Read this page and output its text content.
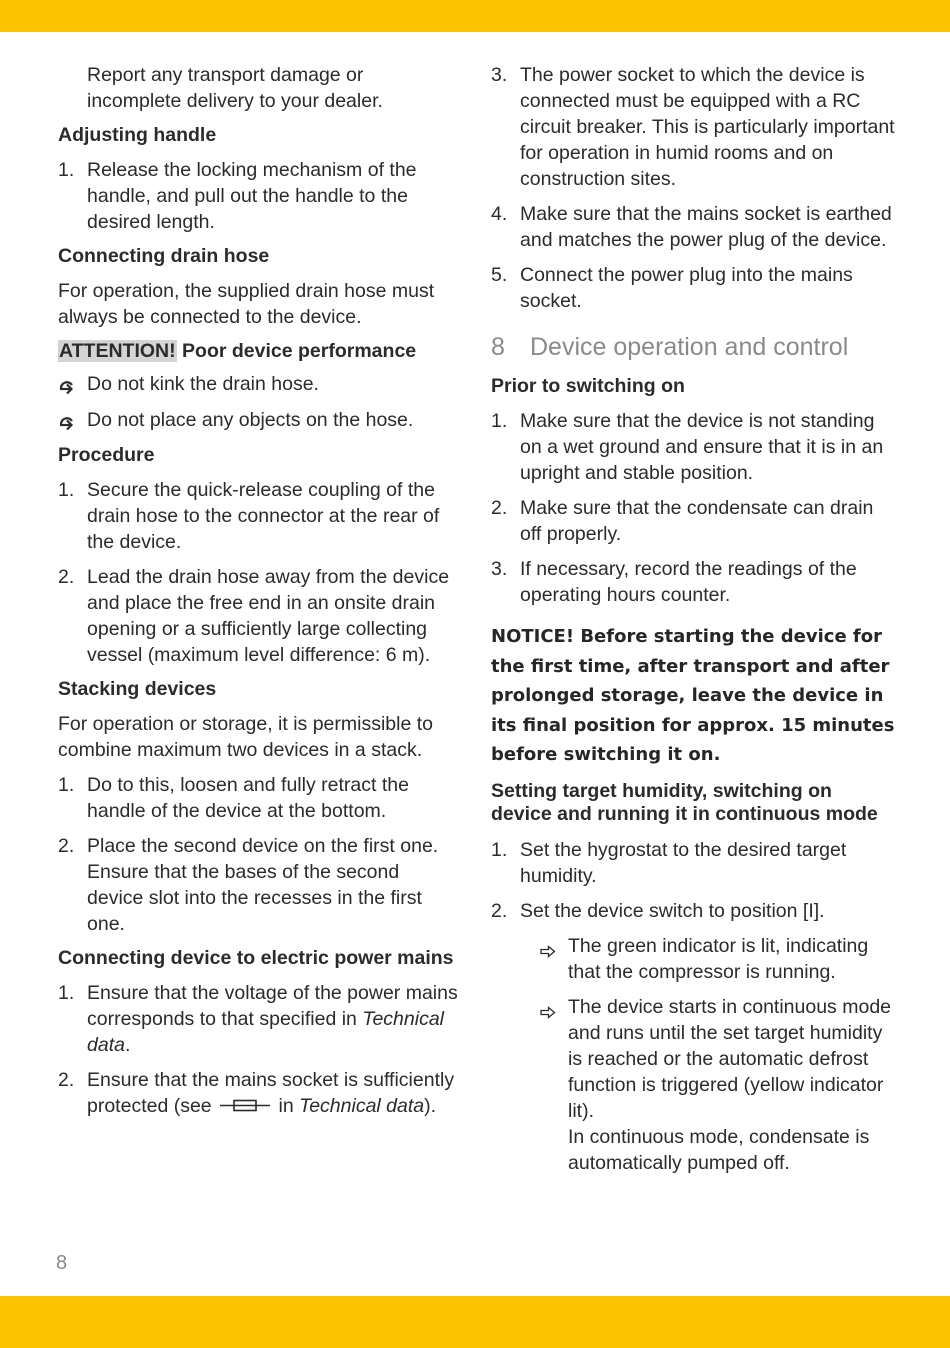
Report any transport damage or incomplete delivery to your dealer.

Adjusting handle

1. Release the locking mechanism of the handle, and pull out the handle to the desired length.

Connecting drain hose

For operation, the supplied drain hose must always be connected to the device.

ATTENTION! Poor device performance

Do not kink the drain hose.
Do not place any objects on the hose.

Procedure

1. Secure the quick-release coupling of the drain hose to the connector at the rear of the device.
2. Lead the drain hose away from the device and place the free end in an onsite drain opening or a sufficiently large collecting vessel (maximum level difference: 6 m).

Stacking devices

For operation or storage, it is permissible to combine maximum two devices in a stack.

1. Do to this, loosen and fully retract the handle of the device at the bottom.
2. Place the second device on the first one. Ensure that the bases of the second device slot into the recesses in the first one.

Connecting device to electric power mains

1. Ensure that the voltage of the power mains corresponds to that specified in Technical data.
2. Ensure that the mains socket is sufficiently protected (see	in Technical data).
3. The power socket to which the device is connected must be equipped with a RC circuit breaker. This is particularly important for operation in humid rooms and on construction sites.
4. Make sure that the mains socket is earthed and matches the power plug of the device.
5. Connect the power plug into the mains socket.

8 Device operation and control

Prior to switching on

1. Make sure that the device is not standing on a wet ground and ensure that it is in an upright and stable position.
2. Make sure that the condensate can drain off properly.
3. If necessary, record the readings of the operating hours counter.

NOTICE! Before starting the device for the first time, after transport and after prolonged storage, leave the device in its final position for approx. 15 minutes before switching it on.

Setting target humidity, switching on device and running it in continuous mode

1. Set the hygrostat to the desired target humidity.
2. Set the device switch to position [I].
The green indicator is lit, indicating that the compressor is running.
The device starts in continuous mode and runs until the set target humidity is reached or the automatic defrost function is triggered (yellow indicator lit).
In continuous mode, condensate is automatically pumped off.
8
